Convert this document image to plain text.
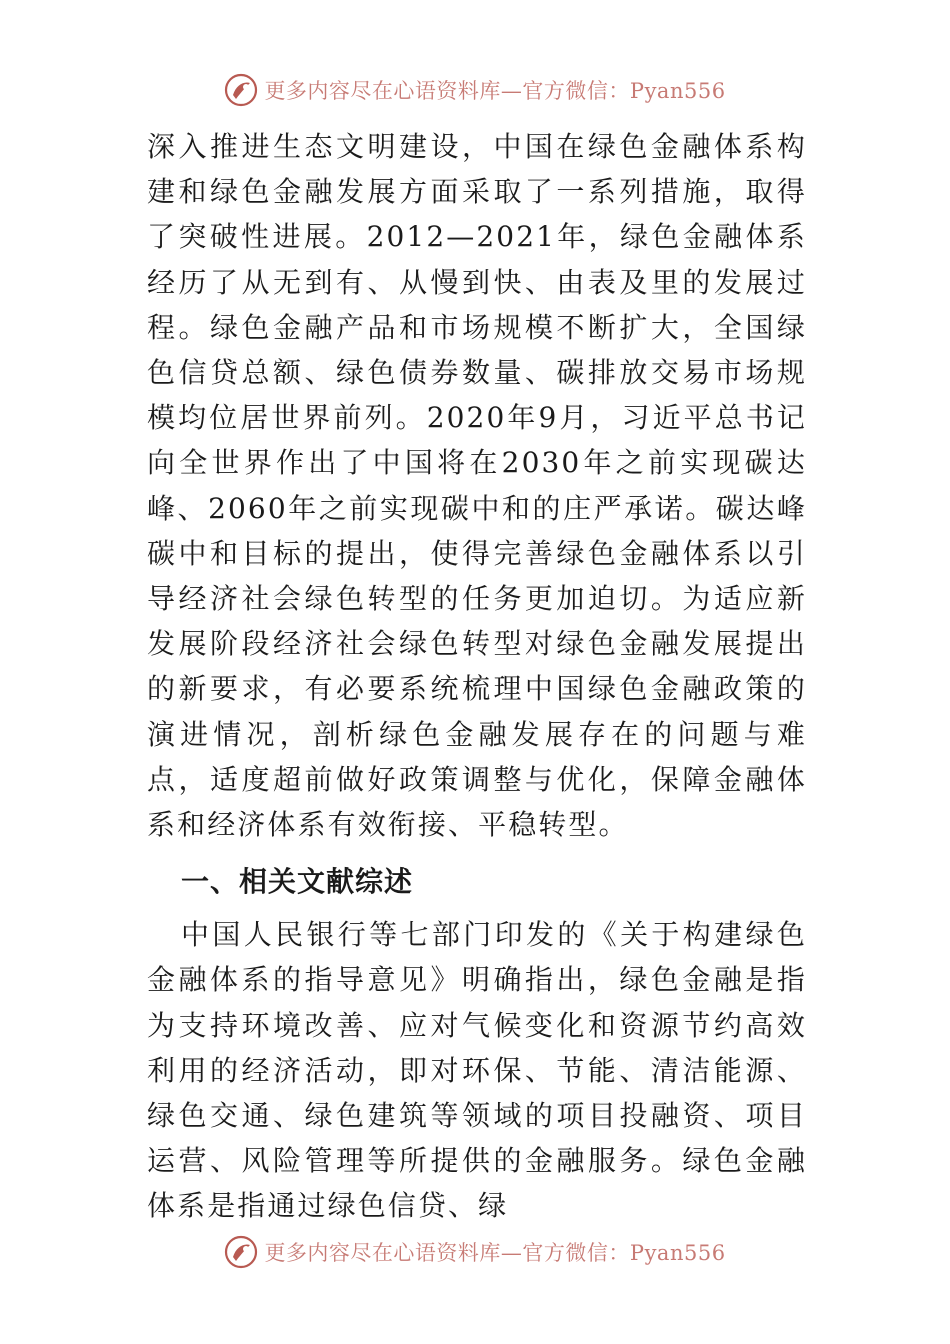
更多内容尽在心语资料库—官方微信：Pyan556

深入推进生态文明建设，中国在绿色金融体系构建和绿色金融发展方面采取了一系列措施，取得了突破性进展。2012—2021年，绿色金融体系经历了从无到有、从慢到快、由表及里的发展过程。绿色金融产品和市场规模不断扩大，全国绿色信贷总额、绿色债券数量、碳排放交易市场规模均位居世界前列。2020年9月，习近平总书记向全世界作出了中国将在2030年之前实现碳达峰、2060年之前实现碳中和的庄严承诺。碳达峰碳中和目标的提出，使得完善绿色金融体系以引导经济社会绿色转型的任务更加迫切。为适应新发展阶段经济社会绿色转型对绿色金融发展提出的新要求，有必要系统梳理中国绿色金融政策的演进情况，剖析绿色金融发展存在的问题与难点，适度超前做好政策调整与优化，保障金融体系和经济体系有效衔接、平稳转型。

一、相关文献综述

中国人民银行等七部门印发的《关于构建绿色金融体系的指导意见》明确指出，绿色金融是指为支持环境改善、应对气候变化和资源节约高效利用的经济活动，即对环保、节能、清洁能源、绿色交通、绿色建筑等领域的项目投融资、项目运营、风险管理等所提供的金融服务。绿色金融体系是指通过绿色信贷、绿

更多内容尽在心语资料库—官方微信：Pyan556
